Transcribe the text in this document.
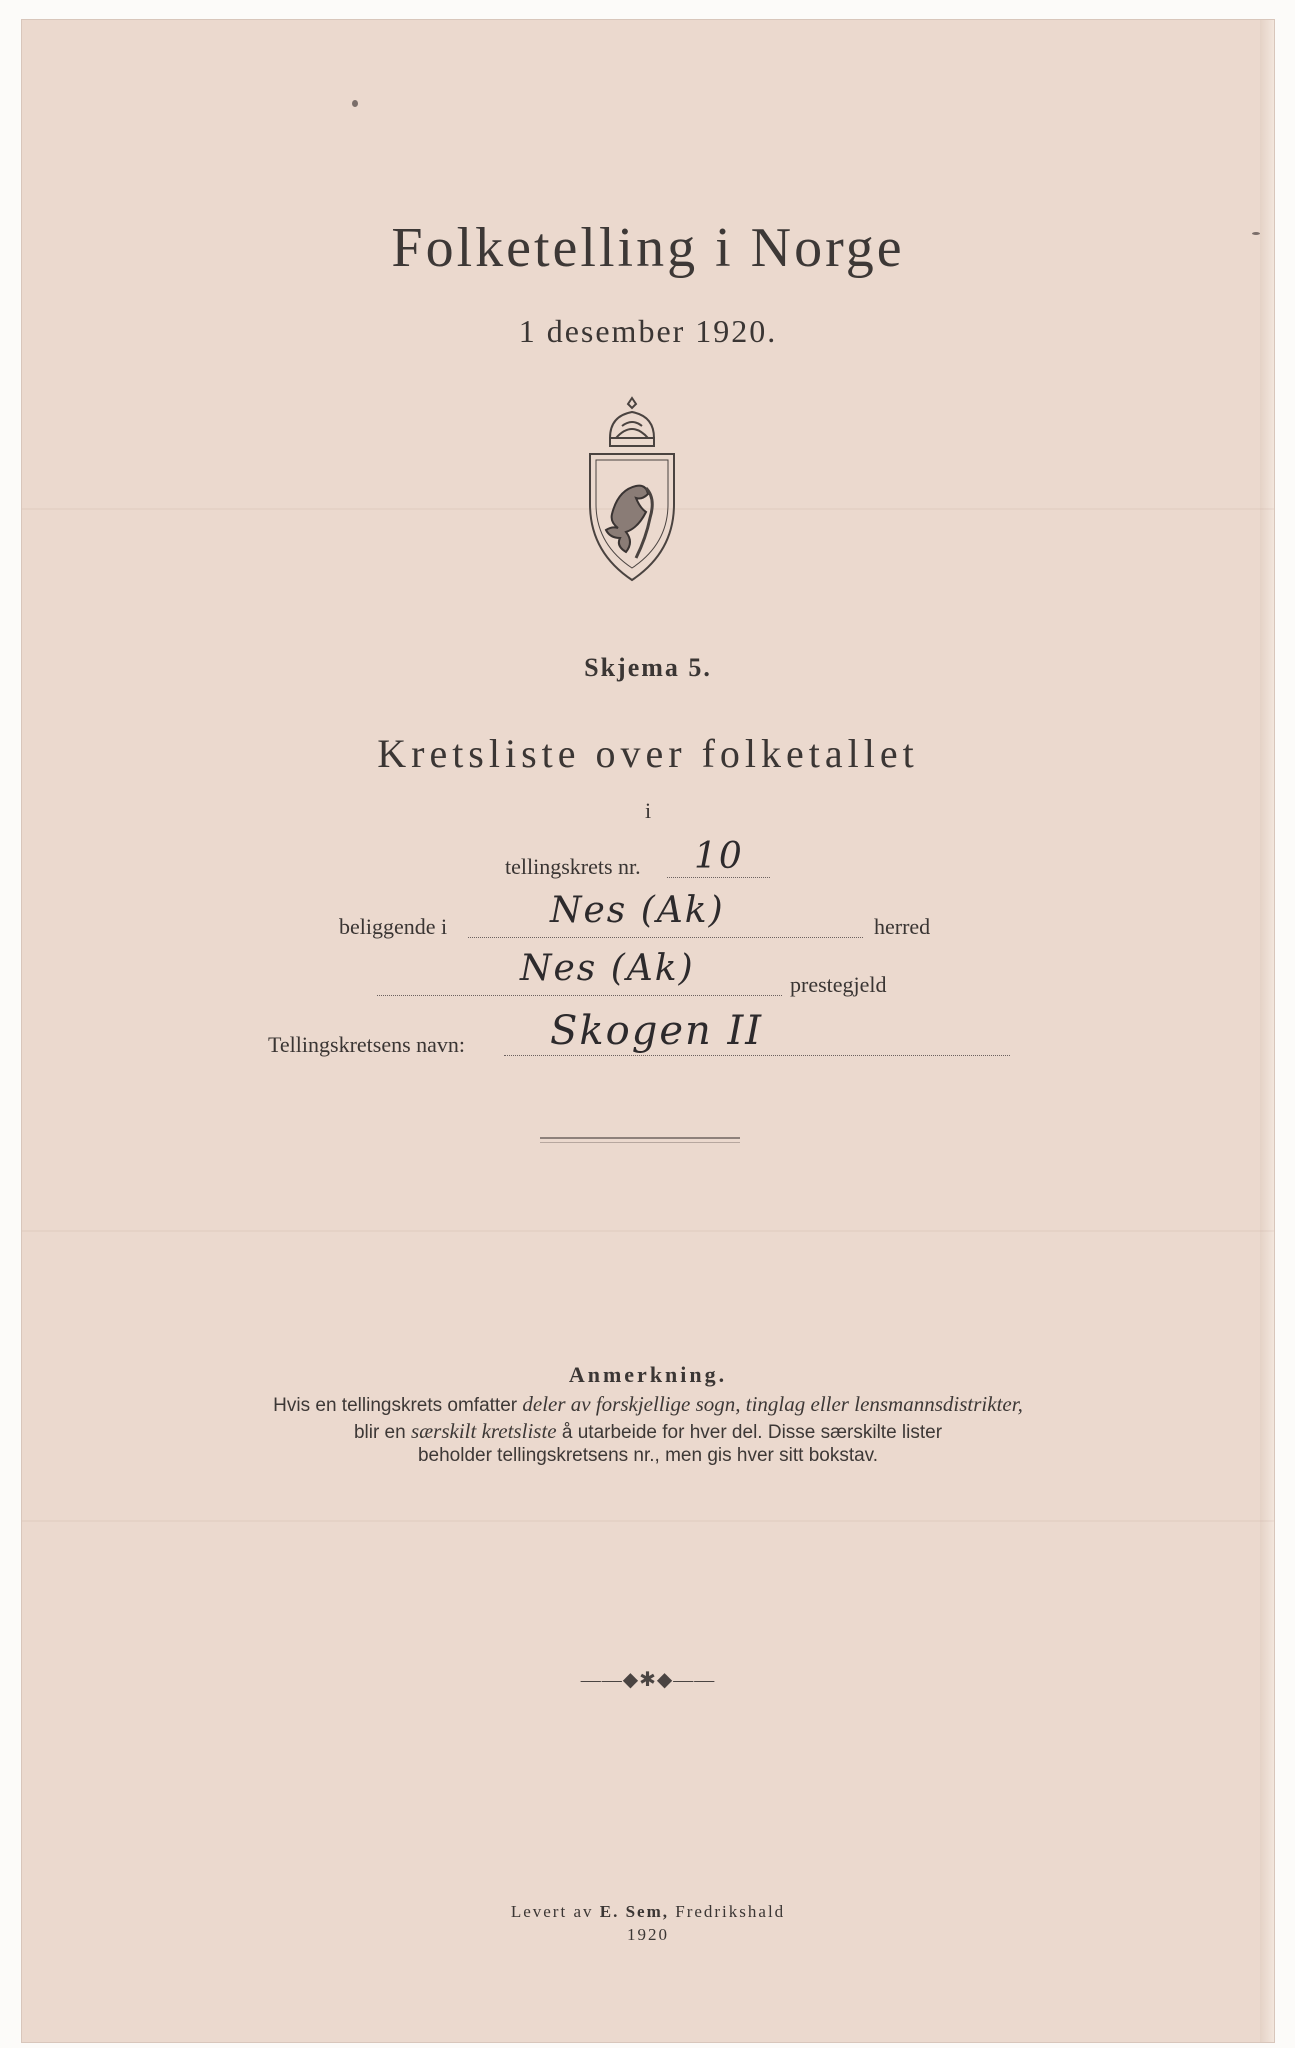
Folketelling i Norge
1 desember 1920.
Skjema 5.
Kretsliste over folketallet
i
tellingskrets nr. 10
beliggende i	Nes (Ak)	herred
Nes (Ak)	prestegjeld
Tellingskretsens navn: Skogen II
Anmerkning.
Hvis en tellingskrets omfatter deler av forskjellige sogn, tinglag eller lensmannsdistrikter,
blir en særskilt kretsliste å utarbeide for hver del. Disse særskilte lister
beholder tellingskretsens nr., men gis hver sitt bokstav.
——◆✱◆——
Levert av E. Sem, Fredrikshald
1920
